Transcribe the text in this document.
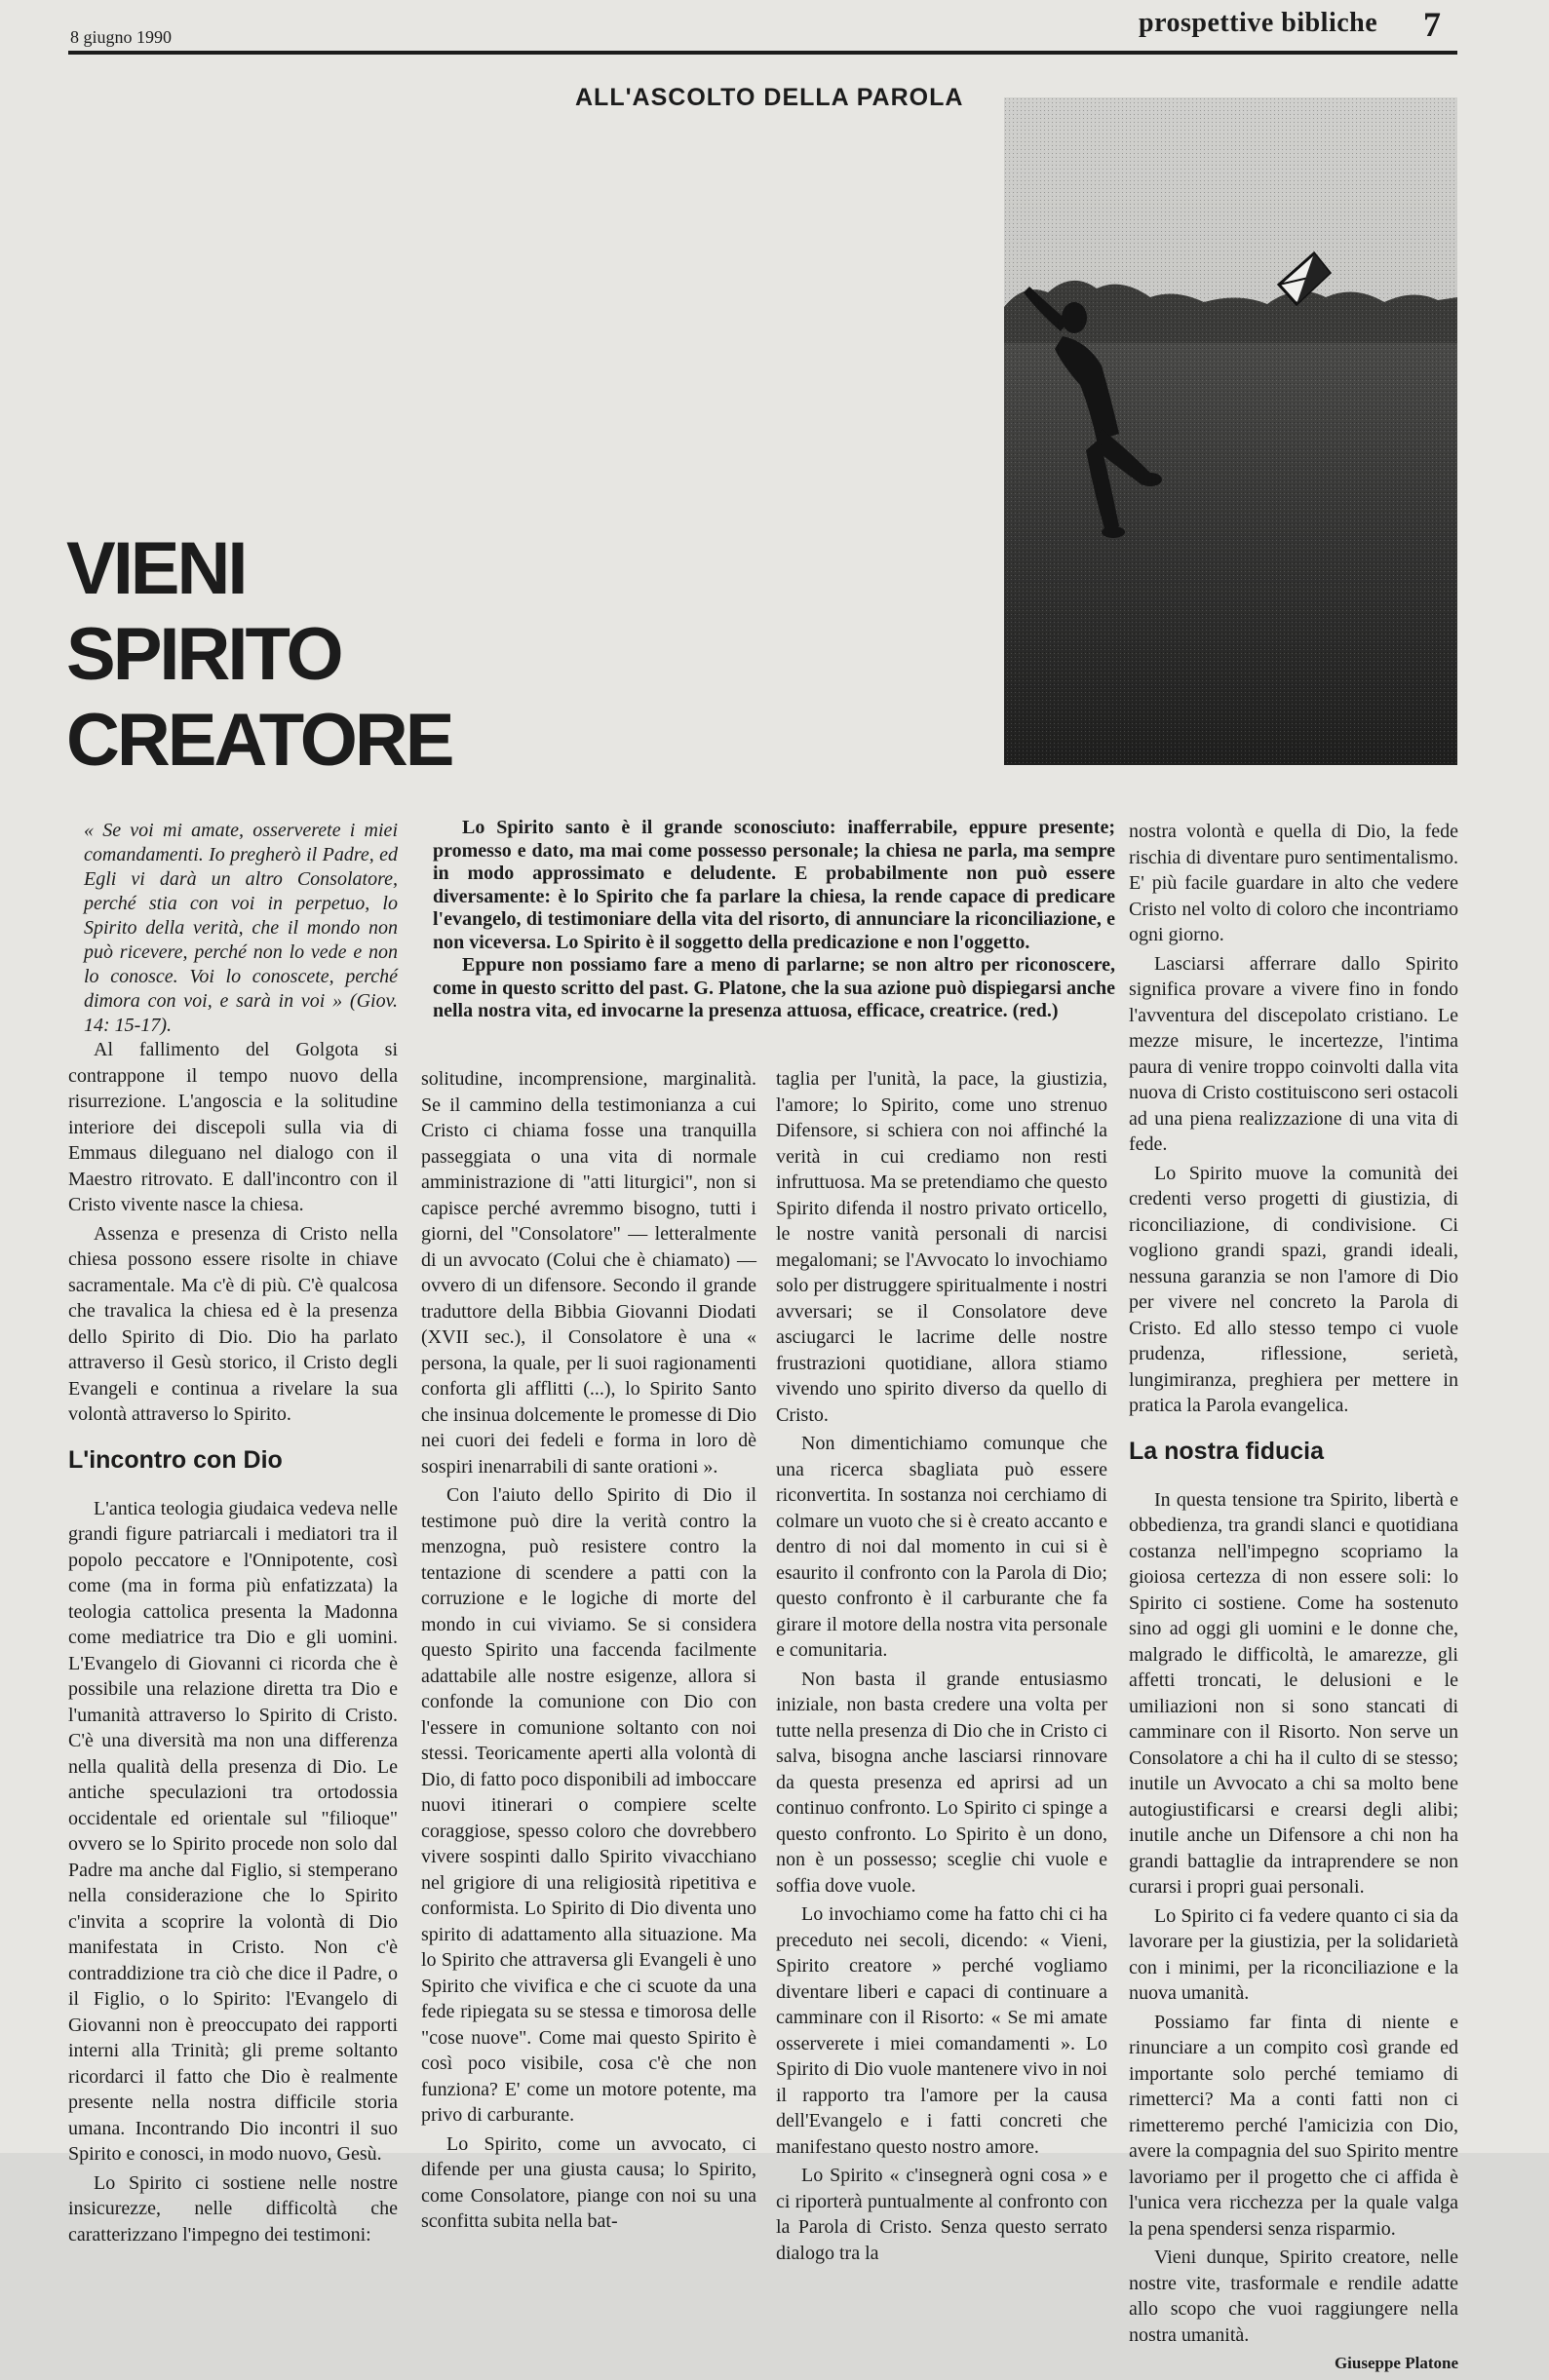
8 giugno 1990	prospettive bibliche 7
ALL'ASCOLTO DELLA PAROLA
VIENI
SPIRITO
CREATORE
« Se voi mi amate, osserverete i miei comandamenti. Io pregherò il Padre, ed Egli vi darà un altro Consolatore, perché stia con voi in perpetuo, lo Spirito della verità, che il mondo non può ricevere, perché non lo vede e non lo conosce. Voi lo conoscete, perché dimora con voi, e sarà in voi » (Giov. 14: 15-17).

Al fallimento del Golgota si contrappone il tempo nuovo della risurrezione. L'angoscia e la solitudine interiore dei discepoli sulla via di Emmaus dileguano nel dialogo con il Maestro ritrovato. E dall'incontro con il Cristo vivente nasce la chiesa.

Assenza e presenza di Cristo nella chiesa possono essere risolte in chiave sacramentale. Ma c'è di più. C'è qualcosa che travalica la chiesa ed è la presenza dello Spirito di Dio. Dio ha parlato attraverso il Gesù storico, il Cristo degli Evangeli e continua a rivelare la sua volontà attraverso lo Spirito.

L'incontro con Dio

L'antica teologia giudaica vedeva nelle grandi figure patriarcali i mediatori tra il popolo peccatore e l'Onnipotente, così come (ma in forma più enfatizzata) la teologia cattolica presenta la Madonna come mediatrice tra Dio e gli uomini. L'Evangelo di Giovanni ci ricorda che è possibile una relazione diretta tra Dio e l'umanità attraverso lo Spirito di Cristo. C'è una diversità ma non una differenza nella qualità della presenza di Dio. Le antiche speculazioni tra ortodossia occidentale ed orientale sul "filioque" ovvero se lo Spirito procede non solo dal Padre ma anche dal Figlio, si stemperano nella considerazione che lo Spirito c'invita a scoprire la volontà di Dio manifestata in Cristo. Non c'è contraddizione tra ciò che dice il Padre, o il Figlio, o lo Spirito: l'Evangelo di Giovanni non è preoccupato dei rapporti interni alla Trinità; gli preme soltanto ricordarci il fatto che Dio è realmente presente nella nostra difficile storia umana. Incontrando Dio incontri il suo Spirito e conosci, in modo nuovo, Gesù.

Lo Spirito ci sostiene nelle nostre insicurezze, nelle difficoltà che caratterizzano l'impegno dei testimoni:

Lo Spirito santo è il grande sconosciuto: inafferrabile, eppure presente; promesso e dato, ma mai come possesso personale; la chiesa ne parla, ma sempre in modo approssimato e deludente. E probabilmente non può essere diversamente: è lo Spirito che fa parlare la chiesa, la rende capace di predicare l'evangelo, di testimoniare della vita del risorto, di annunciare la riconciliazione, e non viceversa. Lo Spirito è il soggetto della predicazione e non l'oggetto.

Eppure non possiamo fare a meno di parlarne; se non altro per riconoscere, come in questo scritto del past. G. Platone, che la sua azione può dispiegarsi anche nella nostra vita, ed invocarne la presenza attuosa, efficace, creatrice. (red.)

solitudine, incomprensione, marginalità. Se il cammino della testimonianza a cui Cristo ci chiama fosse una tranquilla passeggiata o una vita di normale amministrazione di "atti liturgici", non si capisce perché avremmo bisogno, tutti i giorni, del "Consolatore" — letteralmente di un avvocato (Colui che è chiamato) — ovvero di un difensore. Secondo il grande traduttore della Bibbia Giovanni Diodati (XVII sec.), il Consolatore è una « persona, la quale, per li suoi ragionamenti conforta gli afflitti (...), lo Spirito Santo che insinua dolcemente le promesse di Dio nei cuori dei fedeli e forma in loro dè sospiri inenarrabili di sante orationi ».

Con l'aiuto dello Spirito di Dio il testimone può dire la verità contro la menzogna, può resistere contro la tentazione di scendere a patti con la corruzione e le logiche di morte del mondo in cui viviamo. Se si considera questo Spirito una faccenda facilmente adattabile alle nostre esigenze, allora si confonde la comunione con Dio con l'essere in comunione soltanto con noi stessi. Teoricamente aperti alla volontà di Dio, di fatto poco disponibili ad imboccare nuovi itinerari o compiere scelte coraggiose, spesso coloro che dovrebbero vivere sospinti dallo Spirito vivacchiano nel grigiore di una religiosità ripetitiva e conformista. Lo Spirito di Dio diventa uno spirito di adattamento alla situazione. Ma lo Spirito che attraversa gli Evangeli è uno Spirito che vivifica e che ci scuote da una fede ripiegata su se stessa e timorosa delle "cose nuove". Come mai questo Spirito è così poco visibile, cosa c'è che non funziona? E' come un motore potente, ma privo di carburante.

Lo Spirito, come un avvocato, ci difende per una giusta causa; lo Spirito, come Consolatore, piange con noi su una sconfitta subita nella bat-

taglia per l'unità, la pace, la giustizia, l'amore; lo Spirito, come uno strenuo Difensore, si schiera con noi affinché la verità in cui crediamo non resti infruttuosa. Ma se pretendiamo che questo Spirito difenda il nostro privato orticello, le nostre vanità personali di narcisi megalomani; se l'Avvocato lo invochiamo solo per distruggere spiritualmente i nostri avversari; se il Consolatore deve asciugarci le lacrime delle nostre frustrazioni quotidiane, allora stiamo vivendo uno spirito diverso da quello di Cristo.

Non dimentichiamo comunque che una ricerca sbagliata può essere riconvertita. In sostanza noi cerchiamo di colmare un vuoto che si è creato accanto e dentro di noi dal momento in cui si è esaurito il confronto con la Parola di Dio; questo confronto è il carburante che fa girare il motore della nostra vita personale e comunitaria.

Non basta il grande entusiasmo iniziale, non basta credere una volta per tutte nella presenza di Dio che in Cristo ci salva, bisogna anche lasciarsi rinnovare da questa presenza ed aprirsi ad un continuo confronto. Lo Spirito ci spinge a questo confronto. Lo Spirito è un dono, non è un possesso; sceglie chi vuole e soffia dove vuole.

Lo invochiamo come ha fatto chi ci ha preceduto nei secoli, dicendo: « Vieni, Spirito creatore » perché vogliamo diventare liberi e capaci di continuare a camminare con il Risorto: « Se mi amate osserverete i miei comandamenti ». Lo Spirito di Dio vuole mantenere vivo in noi il rapporto tra l'amore per la causa dell'Evangelo e i fatti concreti che manifestano questo nostro amore.

Lo Spirito « c'insegnerà ogni cosa » e ci riporterà puntualmente al confronto con la Parola di Cristo. Senza questo serrato dialogo tra la

nostra volontà e quella di Dio, la fede rischia di diventare puro sentimentalismo. E' più facile guardare in alto che vedere Cristo nel volto di coloro che incontriamo ogni giorno.

Lasciarsi afferrare dallo Spirito significa provare a vivere fino in fondo l'avventura del discepolato cristiano. Le mezze misure, le incertezze, l'intima paura di venire troppo coinvolti dalla vita nuova di Cristo costituiscono seri ostacoli ad una piena realizzazione di una vita di fede.

Lo Spirito muove la comunità dei credenti verso progetti di giustizia, di riconciliazione, di condivisione. Ci vogliono grandi spazi, grandi ideali, nessuna garanzia se non l'amore di Dio per vivere nel concreto la Parola di Cristo. Ed allo stesso tempo ci vuole prudenza, riflessione, serietà, lungimiranza, preghiera per mettere in pratica la Parola evangelica.

La nostra fiducia

In questa tensione tra Spirito, libertà e obbedienza, tra grandi slanci e quotidiana costanza nell'impegno scopriamo la gioiosa certezza di non essere soli: lo Spirito ci sostiene. Come ha sostenuto sino ad oggi gli uomini e le donne che, malgrado le difficoltà, le amarezze, gli affetti troncati, le delusioni e le umiliazioni non si sono stancati di camminare con il Risorto. Non serve un Consolatore a chi ha il culto di se stesso; inutile un Avvocato a chi sa molto bene autogiustificarsi e crearsi degli alibi; inutile anche un Difensore a chi non ha grandi battaglie da intraprendere se non curarsi i propri guai personali.

Lo Spirito ci fa vedere quanto ci sia da lavorare per la giustizia, per la solidarietà con i minimi, per la riconciliazione e la nuova umanità.

Possiamo far finta di niente e rinunciare a un compito così grande ed importante solo perché temiamo di rimetterci? Ma a conti fatti non ci rimetteremo perché l'amicizia con Dio, avere la compagnia del suo Spirito mentre lavoriamo per il progetto che ci affida è l'unica vera ricchezza per la quale valga la pena spendersi senza risparmio.

Vieni dunque, Spirito creatore, nelle nostre vite, trasformale e rendile adatte allo scopo che vuoi raggiungere nella nostra umanità.

Giuseppe Platone
